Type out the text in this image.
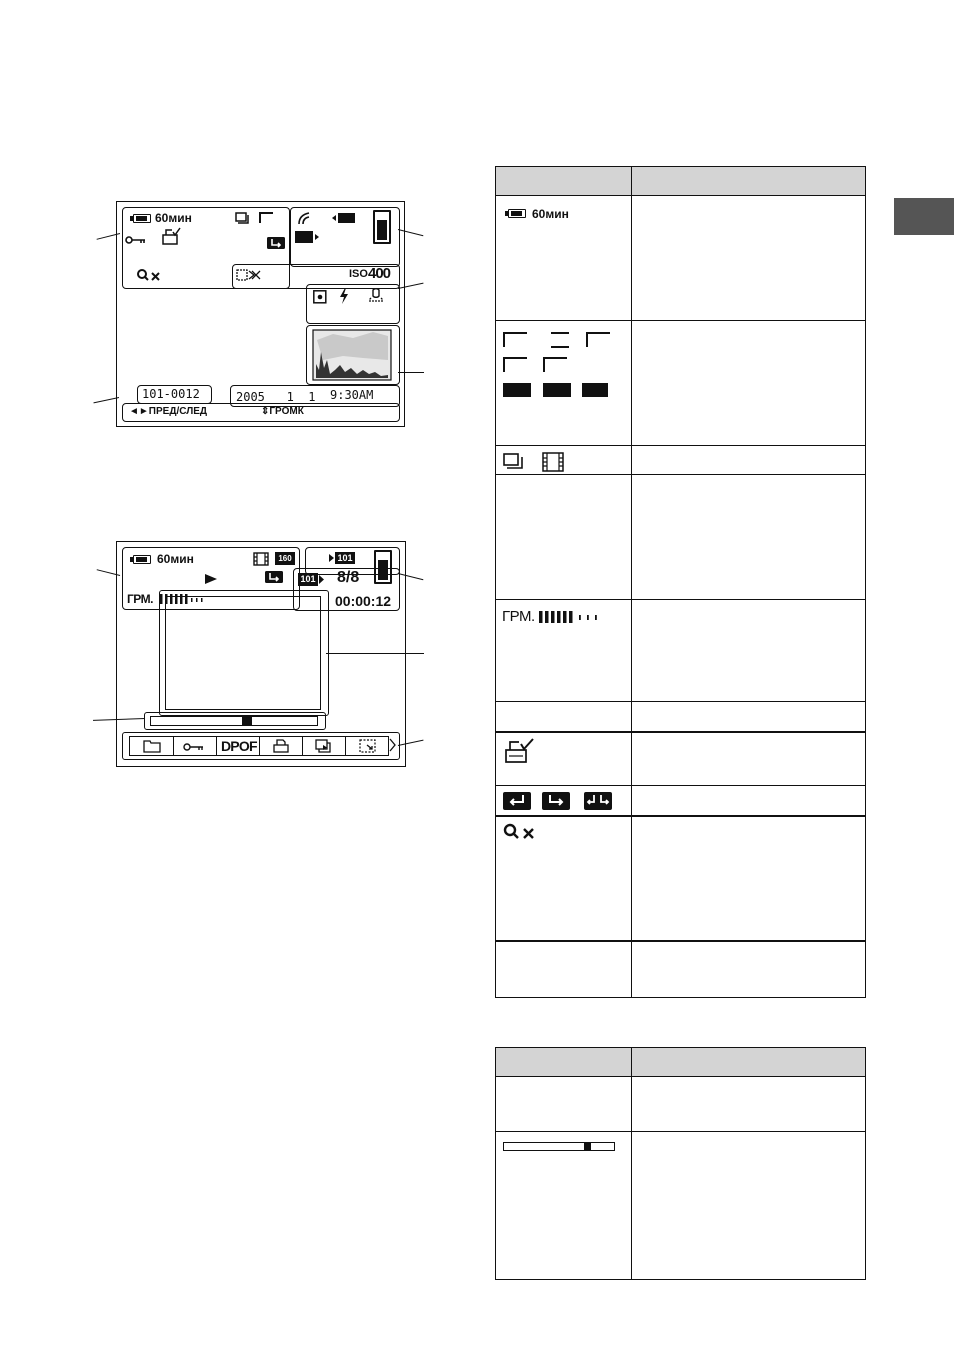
60мин
ISO 400
101-0012	2005   1  1 9:30AM
◄►ПРЕД/СЛЕД	⇕ГРОМК
60мин	160
ГРМ.
101
101 8/8
00:00:12
DPOF
60мин
ГРМ.
